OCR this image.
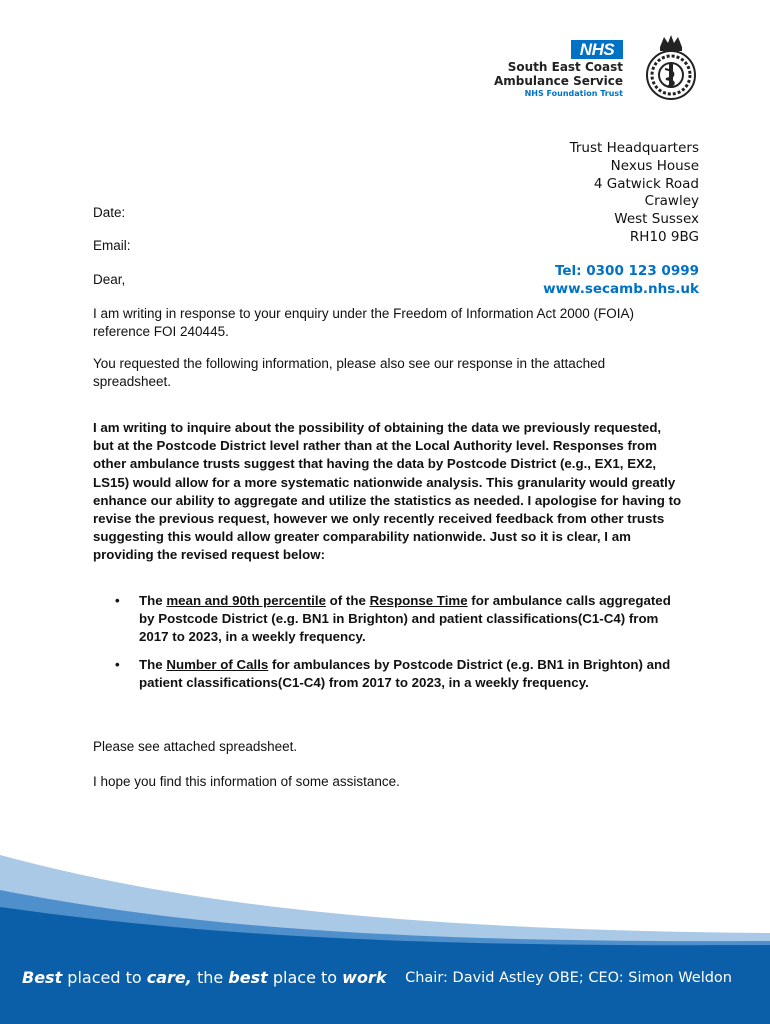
NHS
South East Coast
Ambulance Service
NHS Foundation Trust
Trust Headquarters
Nexus House
4 Gatwick Road
Crawley
West Sussex
RH10 9BG
Tel: 0300 123 0999
www.secamb.nhs.uk
Date:
Email:
Dear,
I am writing in response to your enquiry under the Freedom of Information Act 2000 (FOIA) reference FOI 240445.
You requested the following information, please also see our response in the attached spreadsheet.
I am writing to inquire about the possibility of obtaining the data we previously requested, but at the Postcode District level rather than at the Local Authority level. Responses from other ambulance trusts suggest that having the data by Postcode District (e.g., EX1, EX2, LS15) would allow for a more systematic nationwide analysis. This granularity would greatly enhance our ability to aggregate and utilize the statistics as needed. I apologise for having to revise the previous request, however we only recently received feedback from other trusts suggesting this would allow greater comparability nationwide. Just so it is clear, I am providing the revised request below:
• The mean and 90th percentile of the Response Time for ambulance calls aggregated by Postcode District (e.g. BN1 in Brighton) and patient classifications(C1-C4) from 2017 to 2023, in a weekly frequency.
• The Number of Calls for ambulances by Postcode District (e.g. BN1 in Brighton) and patient classifications(C1-C4) from 2017 to 2023, in a weekly frequency.
Please see attached spreadsheet.
I hope you find this information of some assistance.
Best placed to care, the best place to work Chair: David Astley OBE; CEO: Simon Weldon
